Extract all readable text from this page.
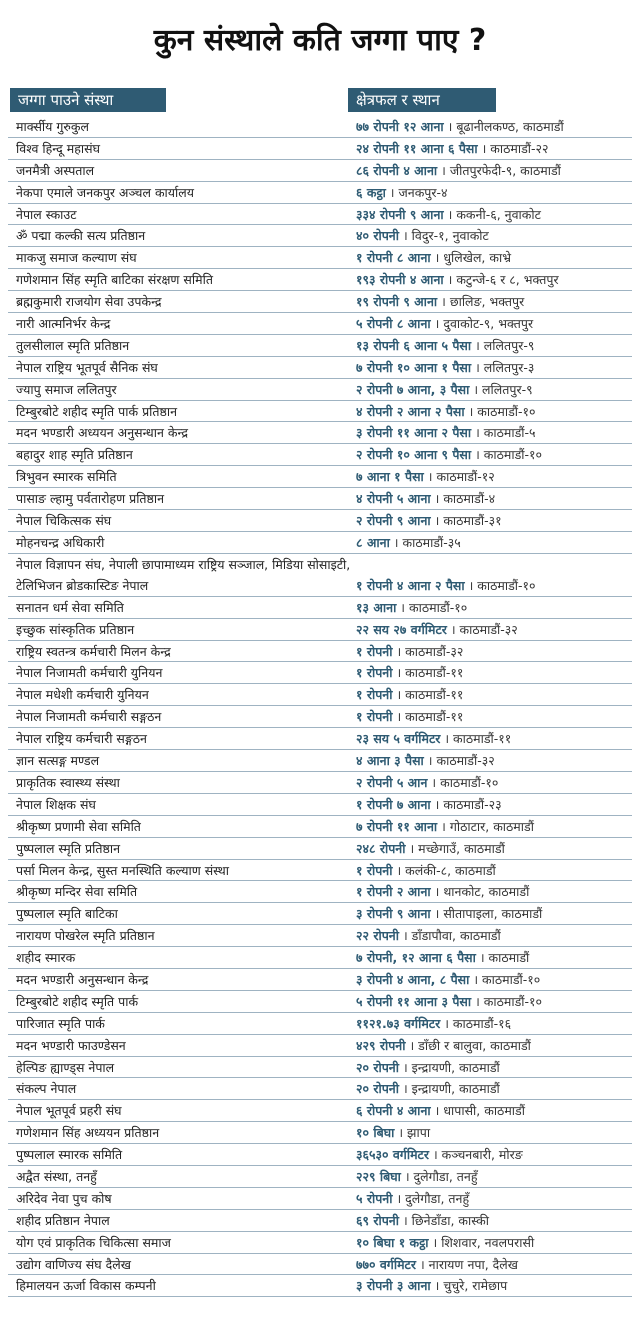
कुन संस्थाले कति जग्गा पाए ?
जग्गा पाउने संस्था	क्षेत्रफल र स्थान
मार्क्सीय गुरुकुल	७७ रोपनी १२ आना । बूढानीलकण्ठ, काठमाडौं
विश्व हिन्दू महासंघ	२४ रोपनी ११ आना ६ पैसा । काठमाडौं-२२
जनमैत्री अस्पताल	८६ रोपनी ४ आना । जीतपुरफेदी-९, काठमाडौं
नेकपा एमाले जनकपुर अञ्चल कार्यालय	६ कट्ठा । जनकपुर-४
नेपाल स्काउट	३३४ रोपनी ९ आना । ककनी-६, नुवाकोट
ॐ पद्मा कल्की सत्य प्रतिष्ठान	४० रोपनी । विदुर-१, नुवाकोट
माकजु समाज कल्याण संघ	१ रोपनी ८ आना । धुलिखेल, काभ्रे
गणेशमान सिंह स्मृति बाटिका संरक्षण समिति	१९३ रोपनी ४ आना । कटुन्जे-६ र ८, भक्तपुर
ब्रह्मकुमारी राजयोग सेवा उपकेन्द्र	१९ रोपनी ९ आना । छालिङ, भक्तपुर
नारी आत्मनिर्भर केन्द्र	५ रोपनी ८ आना । दुवाकोट-९, भक्तपुर
तुलसीलाल स्मृति प्रतिष्ठान	१३ रोपनी ६ आना ५ पैसा । ललितपुर-९
नेपाल राष्ट्रिय भूतपूर्व सैनिक संघ	७ रोपनी १० आना १ पैसा । ललितपुर-३
ज्यापु समाज ललितपुर	२ रोपनी ७ आना, ३ पैसा । ललितपुर-९
टिम्बुरबोटे शहीद स्मृति पार्क प्रतिष्ठान	४ रोपनी २ आना २ पैसा । काठमाडौं-१०
मदन भण्डारी अध्ययन अनुसन्धान केन्द्र	३ रोपनी ११ आना २ पैसा । काठमाडौं-५
बहादुर शाह स्मृति प्रतिष्ठान	२ रोपनी १० आना ९ पैसा । काठमाडौं-१०
त्रिभुवन स्मारक समिति	७ आना १ पैसा । काठमाडौं-१२
पासाङ ल्हामु पर्वतारोहण प्रतिष्ठान	४ रोपनी ५ आना । काठमाडौं-४
नेपाल चिकित्सक संघ	२ रोपनी ९ आना । काठमाडौं-३१
मोहनचन्द्र अधिकारी	८ आना । काठमाडौं-३५
नेपाल विज्ञापन संघ, नेपाली छापामाध्यम राष्ट्रिय सञ्जाल, मिडिया सोसाइटी, टेलिभिजन ब्रोडकास्टिङ नेपाल	१ रोपनी ४ आना २ पैसा । काठमाडौं-१०
सनातन धर्म सेवा समिति	१३ आना । काठमाडौं-१०
इच्छुक सांस्कृतिक प्रतिष्ठान	२२ सय २७ वर्गमिटर । काठमाडौं-३२
राष्ट्रिय स्वतन्त्र कर्मचारी मिलन केन्द्र	१ रोपनी । काठमाडौं-३२
नेपाल निजामती कर्मचारी युनियन	१ रोपनी । काठमाडौं-११
नेपाल मधेशी कर्मचारी युनियन	१ रोपनी । काठमाडौं-११
नेपाल निजामती कर्मचारी सङ्गठन	१ रोपनी । काठमाडौं-११
नेपाल राष्ट्रिय कर्मचारी सङ्गठन	२३ सय ५ वर्गमिटर । काठमाडौं-११
ज्ञान सत्सङ्ग मण्डल	४ आना ३ पैसा । काठमाडौं-३२
प्राकृतिक स्वास्थ्य संस्था	२ रोपनी ५ आन । काठमाडौं-१०
नेपाल शिक्षक संघ	१ रोपनी ७ आना । काठमाडौं-२३
श्रीकृष्ण प्रणामी सेवा समिति	७ रोपनी ११ आना । गोठाटार, काठमाडौं
पुष्पलाल स्मृति प्रतिष्ठान	२४८ रोपनी । मच्छेगाउँ, काठमाडौं
पर्सा मिलन केन्द्र, सुस्त मनस्थिति कल्याण संस्था	१ रोपनी । कलंकी-८, काठमाडौं
श्रीकृष्ण मन्दिर सेवा समिति	१ रोपनी २ आना । थानकोट, काठमाडौं
पुष्पलाल स्मृति बाटिका	३ रोपनी ९ आना । सीतापाइला, काठमाडौं
नारायण पोखरेल स्मृति प्रतिष्ठान	२२ रोपनी । डाँडापौवा, काठमाडौं
शहीद स्मारक	७ रोपनी, १२ आना ६ पैसा । काठमाडौं
मदन भण्डारी अनुसन्धान केन्द्र	३ रोपनी ४ आना, ८ पैसा । काठमाडौं-१०
टिम्बुरबोटे शहीद स्मृति पार्क	५ रोपनी ११ आना ३ पैसा । काठमाडौं-१०
पारिजात स्मृति पार्क	११२१.७३ वर्गमिटर । काठमाडौं-१६
मदन भण्डारी फाउण्डेसन	४२९ रोपनी । डाँछी र बालुवा, काठमाडौं
हेल्पिङ ह्याण्ड्स नेपाल	२० रोपनी । इन्द्रायणी, काठमाडौं
संकल्प नेपाल	२० रोपनी । इन्द्रायणी, काठमाडौं
नेपाल भूतपूर्व प्रहरी संघ	६ रोपनी ४ आना । धापासी, काठमाडौं
गणेशमान सिंह अध्ययन प्रतिष्ठान	१० बिघा । झापा
पुष्पलाल स्मारक समिति	३६५३० वर्गमिटर । कञ्चनबारी, मोरङ
अद्वैत संस्था, तनहुँ	२२९ बिघा । दुलेगौडा, तनहुँ
अरिदेव नेवा पुच कोष	५ रोपनी । दुलेगौडा, तनहुँ
शहीद प्रतिष्ठान नेपाल	६९ रोपनी । छिनेडाँडा, कास्की
योग एवं प्राकृतिक चिकित्सा समाज	१० बिघा १ कट्ठा । शिशवार, नवलपरासी
उद्योग वाणिज्य संघ दैलेख	७७० वर्गमिटर । नारायण नपा, दैलेख
हिमालयन ऊर्जा विकास कम्पनी	३ रोपनी ३ आना । चुचुरे, रामेछाप
